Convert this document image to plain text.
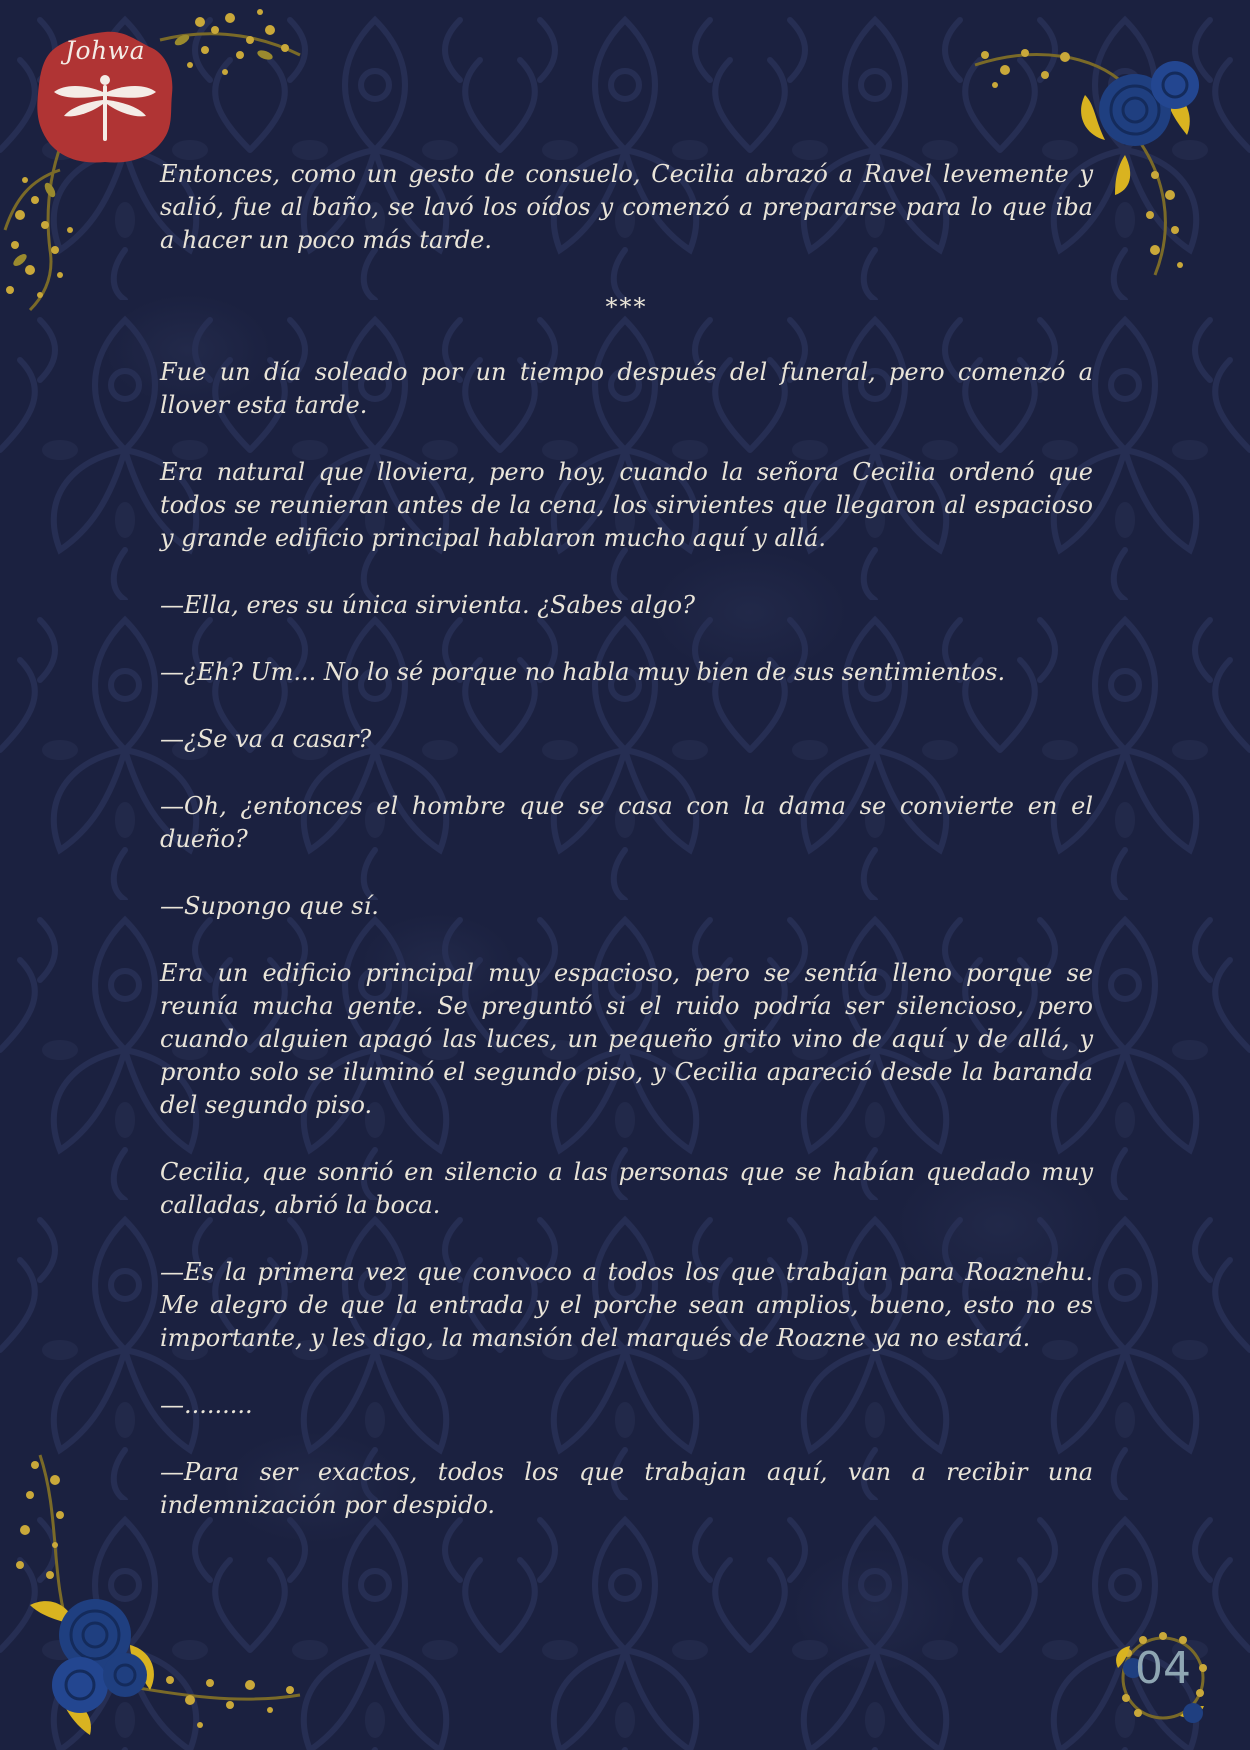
Johwa

Entonces, como un gesto de consuelo, Cecilia abrazó a Ravel levemente y salió, fue al baño, se lavó los oídos y comenzó a prepararse para lo que iba a hacer un poco más tarde.

***

Fue un día soleado por un tiempo después del funeral, pero comenzó a llover esta tarde.

Era natural que lloviera, pero hoy, cuando la señora Cecilia ordenó que todos se reunieran antes de la cena, los sirvientes que llegaron al espacioso y grande edificio principal hablaron mucho aquí y allá.

—Ella, eres su única sirvienta. ¿Sabes algo?

—¿Eh? Um... No lo sé porque no habla muy bien de sus sentimientos.

—¿Se va a casar?

—Oh, ¿entonces el hombre que se casa con la dama se convierte en el dueño?

—Supongo que sí.

Era un edificio principal muy espacioso, pero se sentía lleno porque se reunía mucha gente. Se preguntó si el ruido podría ser silencioso, pero cuando alguien apagó las luces, un pequeño grito vino de aquí y de allá, y pronto solo se iluminó el segundo piso, y Cecilia apareció desde la baranda del segundo piso.

Cecilia, que sonrió en silencio a las personas que se habían quedado muy calladas, abrió la boca.

—Es la primera vez que convoco a todos los que trabajan para Roaznehu. Me alegro de que la entrada y el porche sean amplios, bueno, esto no es importante, y les digo, la mansión del marqués de Roazne ya no estará.

—.........

—Para ser exactos, todos los que trabajan aquí, van a recibir una indemnización por despido.

04
